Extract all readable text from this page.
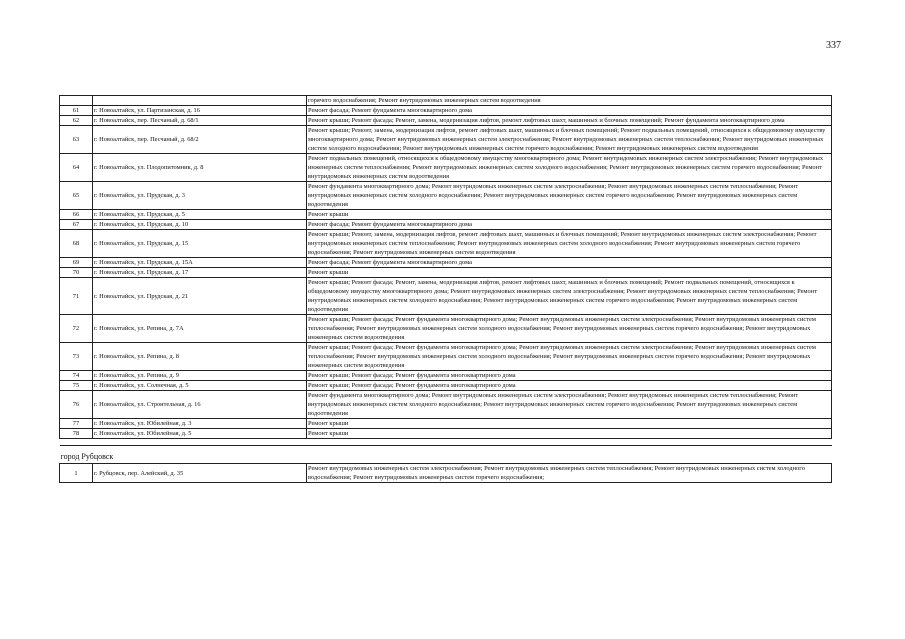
337
		горячего водоснабжения; Ремонт внутридомовых инженерных систем водоотведения
61	г. Новоалтайск, ул. Партизанская, д. 16	Ремонт фасада; Ремонт фундамента многоквартирного дома
62	г. Новоалтайск, пер. Песчаный, д. 68/1	Ремонт крыши; Ремонт фасада; Ремонт, замена, модернизация лифтов, ремонт лифтовых шахт, машинных и блочных помещений; Ремонт фундамента многоквартирного дома
63	г. Новоалтайск, пер. Песчаный, д. 68/2	Ремонт крыши; Ремонт, замена, модернизация лифтов, ремонт лифтовых шахт, машинных и блочных помещений; Ремонт подвальных помещений, относящихся к общедомовому имуществу многоквартирного дома; Ремонт внутридомовых инженерных систем электроснабжения; Ремонт внутридомовых инженерных систем теплоснабжения; Ремонт внутридомовых инженерных систем холодного водоснабжения; Ремонт внутридомовых инженерных систем горячего водоснабжения; Ремонт внутридомовых инженерных систем водоотведения
64	г. Новоалтайск, ул. Плодопитомник, д. 8	Ремонт подвальных помещений, относящихся к общедомовому имуществу многоквартирного дома; Ремонт внутридомовых инженерных систем электроснабжения; Ремонт внутридомовых инженерных систем теплоснабжения; Ремонт внутридомовых инженерных систем холодного водоснабжения; Ремонт внутридомовых инженерных систем горячего водоснабжения; Ремонт внутридомовых инженерных систем водоотведения
65	г. Новоалтайск, ул. Прудская, д. 3	Ремонт фундамента многоквартирного дома; Ремонт внутридомовых инженерных систем электроснабжения; Ремонт внутридомовых инженерных систем теплоснабжения; Ремонт внутридомовых инженерных систем холодного водоснабжения; Ремонт внутридомовых инженерных систем горячего водоснабжения; Ремонт внутридомовых инженерных систем водоотведения
66	г. Новоалтайск, ул. Прудская, д. 5	Ремонт крыши
67	г. Новоалтайск, ул. Прудская, д. 10	Ремонт фасада; Ремонт фундамента многоквартирного дома
68	г. Новоалтайск, ул. Прудская, д. 15	Ремонт крыши; Ремонт, замена, модернизация лифтов, ремонт лифтовых шахт, машинных и блочных помещений; Ремонт внутридомовых инженерных систем электроснабжения; Ремонт внутридомовых инженерных систем теплоснабжения; Ремонт внутридомовых инженерных систем холодного водоснабжения; Ремонт внутридомовых инженерных систем горячего водоснабжения; Ремонт внутридомовых инженерных систем водоотведения
69	г. Новоалтайск, ул. Прудская, д. 15А	Ремонт фасада; Ремонт фундамента многоквартирного дома
70	г. Новоалтайск, ул. Прудская, д. 17	Ремонт крыши
71	г. Новоалтайск, ул. Прудская, д. 21	Ремонт крыши; Ремонт фасада; Ремонт, замена, модернизация лифтов, ремонт лифтовых шахт, машинных и блочных помещений; Ремонт подвальных помещений, относящихся к общедомовому имуществу многоквартирного дома; Ремонт внутридомовых инженерных систем электроснабжения; Ремонт внутридомовых инженерных систем теплоснабжения; Ремонт внутридомовых инженерных систем холодного водоснабжения; Ремонт внутридомовых инженерных систем горячего водоснабжения; Ремонт внутридомовых инженерных систем водоотведения
72	г. Новоалтайск, ул. Репина, д. 7А	Ремонт крыши; Ремонт фасада; Ремонт фундамента многоквартирного дома; Ремонт внутридомовых инженерных систем электроснабжения; Ремонт внутридомовых инженерных систем теплоснабжения; Ремонт внутридомовых инженерных систем холодного водоснабжения; Ремонт внутридомовых инженерных систем горячего водоснабжения; Ремонт внутридомовых инженерных систем водоотведения
73	г. Новоалтайск, ул. Репина, д. 8	Ремонт крыши; Ремонт фасада; Ремонт фундамента многоквартирного дома; Ремонт внутридомовых инженерных систем электроснабжения; Ремонт внутридомовых инженерных систем теплоснабжения; Ремонт внутридомовых инженерных систем холодного водоснабжения; Ремонт внутридомовых инженерных систем горячего водоснабжения; Ремонт внутридомовых инженерных систем водоотведения
74	г. Новоалтайск, ул. Репина, д. 9	Ремонт крыши; Ремонт фасада; Ремонт фундамента многоквартирного дома
75	г. Новоалтайск, ул. Солнечная, д. 5	Ремонт крыши; Ремонт фасада; Ремонт фундамента многоквартирного дома
76	г. Новоалтайск, ул. Строительная, д. 16	Ремонт фундамента многоквартирного дома; Ремонт внутридомовых инженерных систем электроснабжения; Ремонт внутридомовых инженерных систем теплоснабжения; Ремонт внутридомовых инженерных систем холодного водоснабжения; Ремонт внутридомовых инженерных систем горячего водоснабжения; Ремонт внутридомовых инженерных систем водоотведения
77	г. Новоалтайск, ул. Юбилейная, д. 3	Ремонт крыши
78	г. Новоалтайск, ул. Юбилейная, д. 5	Ремонт крыши

город Рубцовск		
1	г. Рубцовск, пер. Алейский, д. 35	Ремонт внутридомовых инженерных систем электроснабжения; Ремонт внутридомовых инженерных систем теплоснабжения; Ремонт внутридомовых инженерных систем холодного водоснабжения; Ремонт внутридомовых инженерных систем горячего водоснабжения;
